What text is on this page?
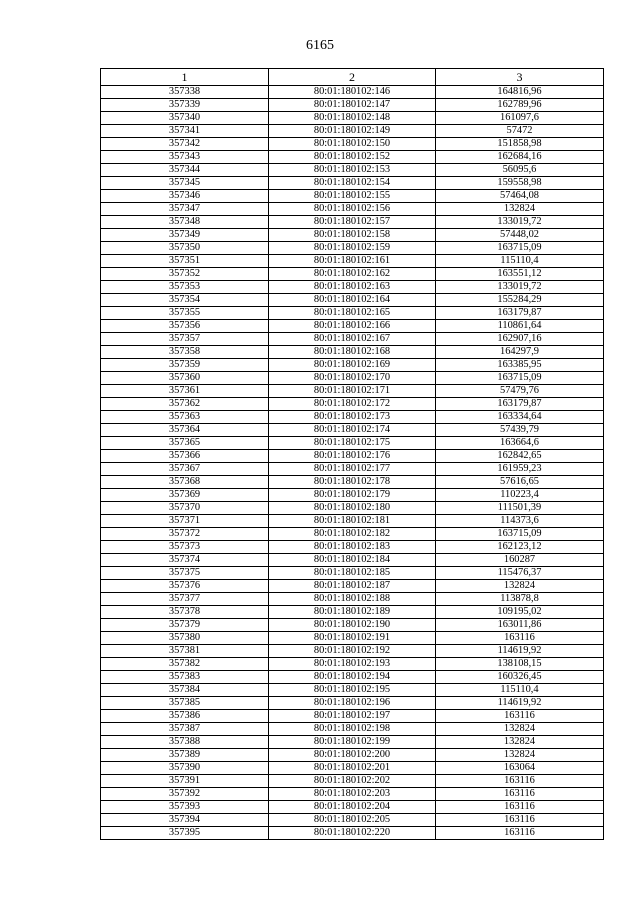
6165
1	2	3
357338	80:01:180102:146	164816,96
357339	80:01:180102:147	162789,96
357340	80:01:180102:148	161097,6
357341	80:01:180102:149	57472
357342	80:01:180102:150	151858,98
357343	80:01:180102:152	162684,16
357344	80:01:180102:153	56095,6
357345	80:01:180102:154	159558,98
357346	80:01:180102:155	57464,08
357347	80:01:180102:156	132824
357348	80:01:180102:157	133019,72
357349	80:01:180102:158	57448,02
357350	80:01:180102:159	163715,09
357351	80:01:180102:161	115110,4
357352	80:01:180102:162	163551,12
357353	80:01:180102:163	133019,72
357354	80:01:180102:164	155284,29
357355	80:01:180102:165	163179,87
357356	80:01:180102:166	110861,64
357357	80:01:180102:167	162907,16
357358	80:01:180102:168	164297,9
357359	80:01:180102:169	163385,95
357360	80:01:180102:170	163715,09
357361	80:01:180102:171	57479,76
357362	80:01:180102:172	163179,87
357363	80:01:180102:173	163334,64
357364	80:01:180102:174	57439,79
357365	80:01:180102:175	163664,6
357366	80:01:180102:176	162842,65
357367	80:01:180102:177	161959,23
357368	80:01:180102:178	57616,65
357369	80:01:180102:179	110223,4
357370	80:01:180102:180	111501,39
357371	80:01:180102:181	114373,6
357372	80:01:180102:182	163715,09
357373	80:01:180102:183	162123,12
357374	80:01:180102:184	160287
357375	80:01:180102:185	115476,37
357376	80:01:180102:187	132824
357377	80:01:180102:188	113878,8
357378	80:01:180102:189	109195,02
357379	80:01:180102:190	163011,86
357380	80:01:180102:191	163116
357381	80:01:180102:192	114619,92
357382	80:01:180102:193	138108,15
357383	80:01:180102:194	160326,45
357384	80:01:180102:195	115110,4
357385	80:01:180102:196	114619,92
357386	80:01:180102:197	163116
357387	80:01:180102:198	132824
357388	80:01:180102:199	132824
357389	80:01:180102:200	132824
357390	80:01:180102:201	163064
357391	80:01:180102:202	163116
357392	80:01:180102:203	163116
357393	80:01:180102:204	163116
357394	80:01:180102:205	163116
357395	80:01:180102:220	163116
